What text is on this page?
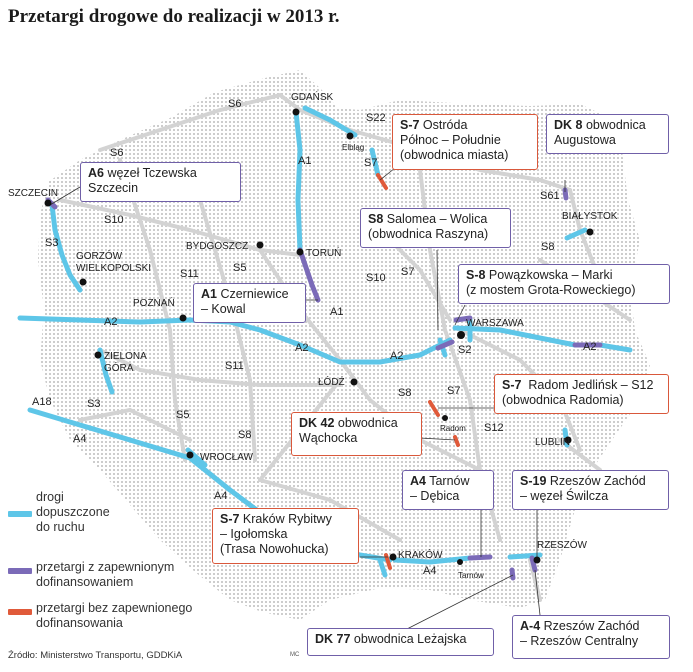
Przetargi drogowe do realizacji w 2013 r.
S6
S6
S22
A1	S7
S61
S10
S3	S8
S11	S5
S10 S7
A1
A2
A2
A2
A2
S2
S11
S8	S7
S12
A18	S3
S5
S8
A4
A4
A4
GDAŃSK
Elbląg
SZCZECIN
BIAŁYSTOK
BYDGOSZCZ
TORUŃ
GORZÓW
WIELKOPOLSKI
POZNAŃ
WARSZAWA
ZIELONA
GÓRA
ŁÓDŹ
Radom
LUBLIN
WROCŁAW
KRAKÓW
Tarnów
RZESZÓW
A6 węzeł Tczewska
Szczecin
S-7 Ostróda
Północ – Południe
(obwodnica miasta)
DK 8 obwodnica
Augustowa
S8 Salomea – Wolica
(obwodnica Raszyna)
S-8 Powązkowska – Marki
(z mostem Grota-Roweckiego)
A1 Czerniewice
– Kowal
S-7  Radom Jedlińsk – S12
(obwodnica Radomia)
DK 42 obwodnica
Wąchocka
A4 Tarnów
– Dębica
S-19 Rzeszów Zachód
– węzeł Świlcza
S-7 Kraków Rybitwy
– Igołomska
(Trasa Nowohucka)
DK 77 obwodnica Leżajska
A-4 Rzeszów Zachód
– Rzeszów Centralny
drogi
dopuszczone
do ruchu
przetargi z zapewnionym
dofinansowaniem
przetargi bez zapewnionego
dofinansowania
Źródło: Ministerstwo Transportu, GDDKiA	MC
